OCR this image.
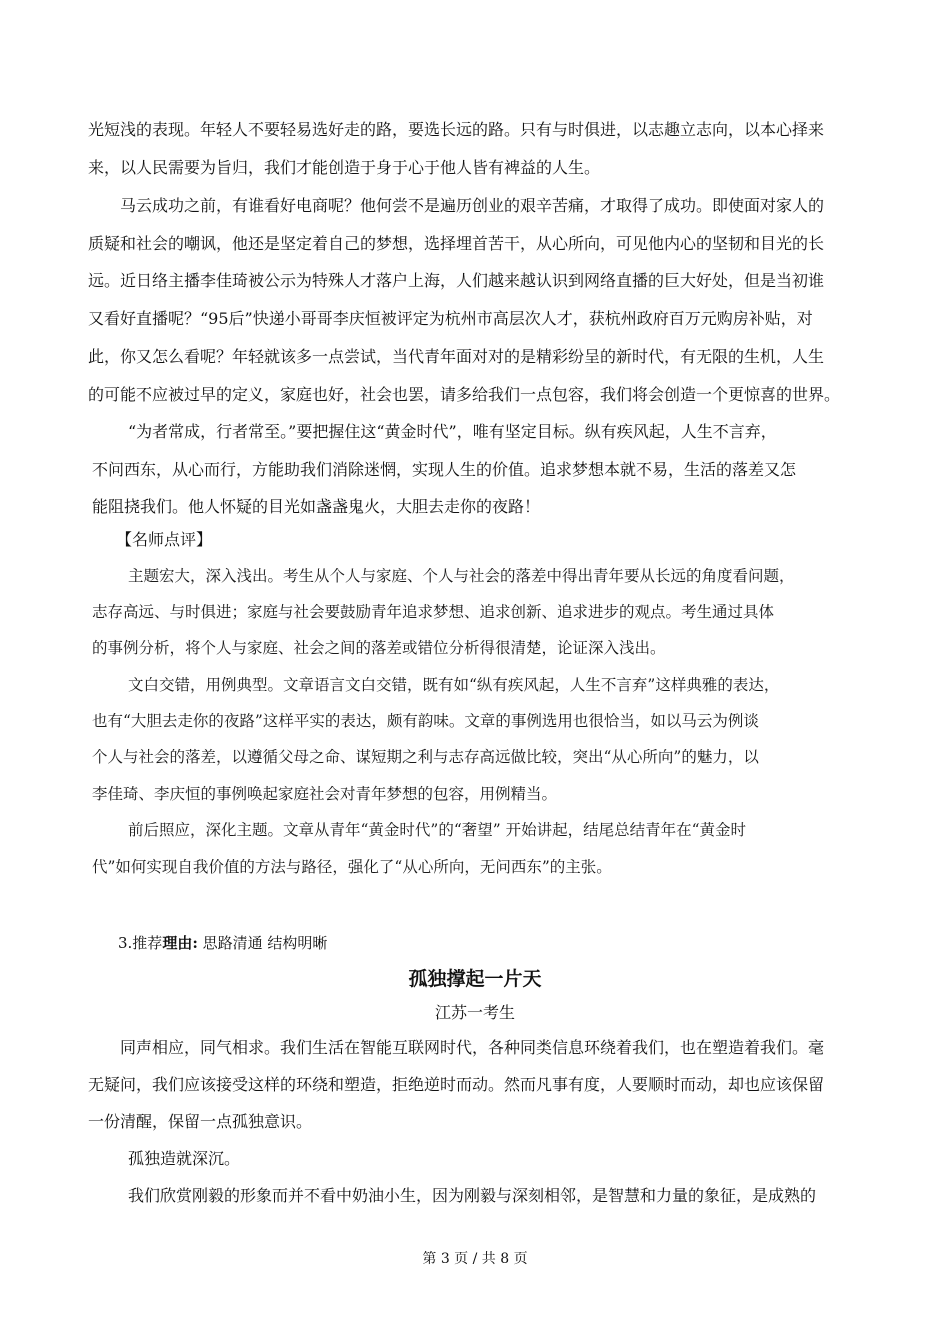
光短浅的表现。年轻人不要轻易选好走的路，要选长远的路。只有与时俱进，以志趣立志向，以本心择来
来，以人民需要为旨归，我们才能创造于身于心于他人皆有裨益的人生。
马云成功之前，有谁看好电商呢？他何尝不是遍历创业的艰辛苦痛，才取得了成功。即使面对家人的
质疑和社会的嘲讽，他还是坚定着自己的梦想，选择埋首苦干，从心所向，可见他内心的坚韧和目光的长
远。近日络主播李佳琦被公示为特殊人才落户上海，人们越来越认识到网络直播的巨大好处，但是当初谁
又看好直播呢？“95后”快递小哥哥李庆恒被评定为杭州市高层次人才，获杭州政府百万元购房补贴，对
此，你又怎么看呢？年轻就该多一点尝试，当代青年面对对的是精彩纷呈的新时代，有无限的生机，人生
的可能不应被过早的定义，家庭也好，社会也罢，请多给我们一点包容，我们将会创造一个更惊喜的世界。
“为者常成，行者常至。”要把握住这“黄金时代”，唯有坚定目标。纵有疾风起，人生不言弃，
不问西东，从心而行，方能助我们消除迷惘，实现人生的价值。追求梦想本就不易，生活的落差又怎
能阻挠我们。他人怀疑的目光如盏盏鬼火，大胆去走你的夜路！
【名师点评】
主题宏大，深入浅出。考生从个人与家庭、个人与社会的落差中得出青年要从长远的角度看问题，
志存高远、与时俱进；家庭与社会要鼓励青年追求梦想、追求创新、追求进步的观点。考生通过具体
的事例分析，将个人与家庭、社会之间的落差或错位分析得很清楚，论证深入浅出。
文白交错，用例典型。文章语言文白交错，既有如“纵有疾风起，人生不言弃”这样典雅的表达，
也有“大胆去走你的夜路”这样平实的表达，颇有韵味。文章的事例选用也很恰当，如以马云为例谈
个人与社会的落差，以遵循父母之命、谋短期之利与志存高远做比较，突出“从心所向”的魅力，以
李佳琦、李庆恒的事例唤起家庭社会对青年梦想的包容，用例精当。
前后照应，深化主题。文章从青年“黄金时代”的“奢望” 开始讲起，结尾总结青年在“黄金时
代”如何实现自我价值的方法与路径，强化了“从心所向，无问西东”的主张。
3.推荐理由: 思路清通 结构明晰
孤独撑起一片天
江苏一考生
同声相应，同气相求。我们生活在智能互联网时代，各种同类信息环绕着我们，也在塑造着我们。毫
无疑问，我们应该接受这样的环绕和塑造，拒绝逆时而动。然而凡事有度，人要顺时而动，却也应该保留
一份清醒，保留一点孤独意识。
孤独造就深沉。
我们欣赏刚毅的形象而并不看中奶油小生，因为刚毅与深刻相邻，是智慧和力量的象征，是成熟的
第 3 页 / 共 8 页
